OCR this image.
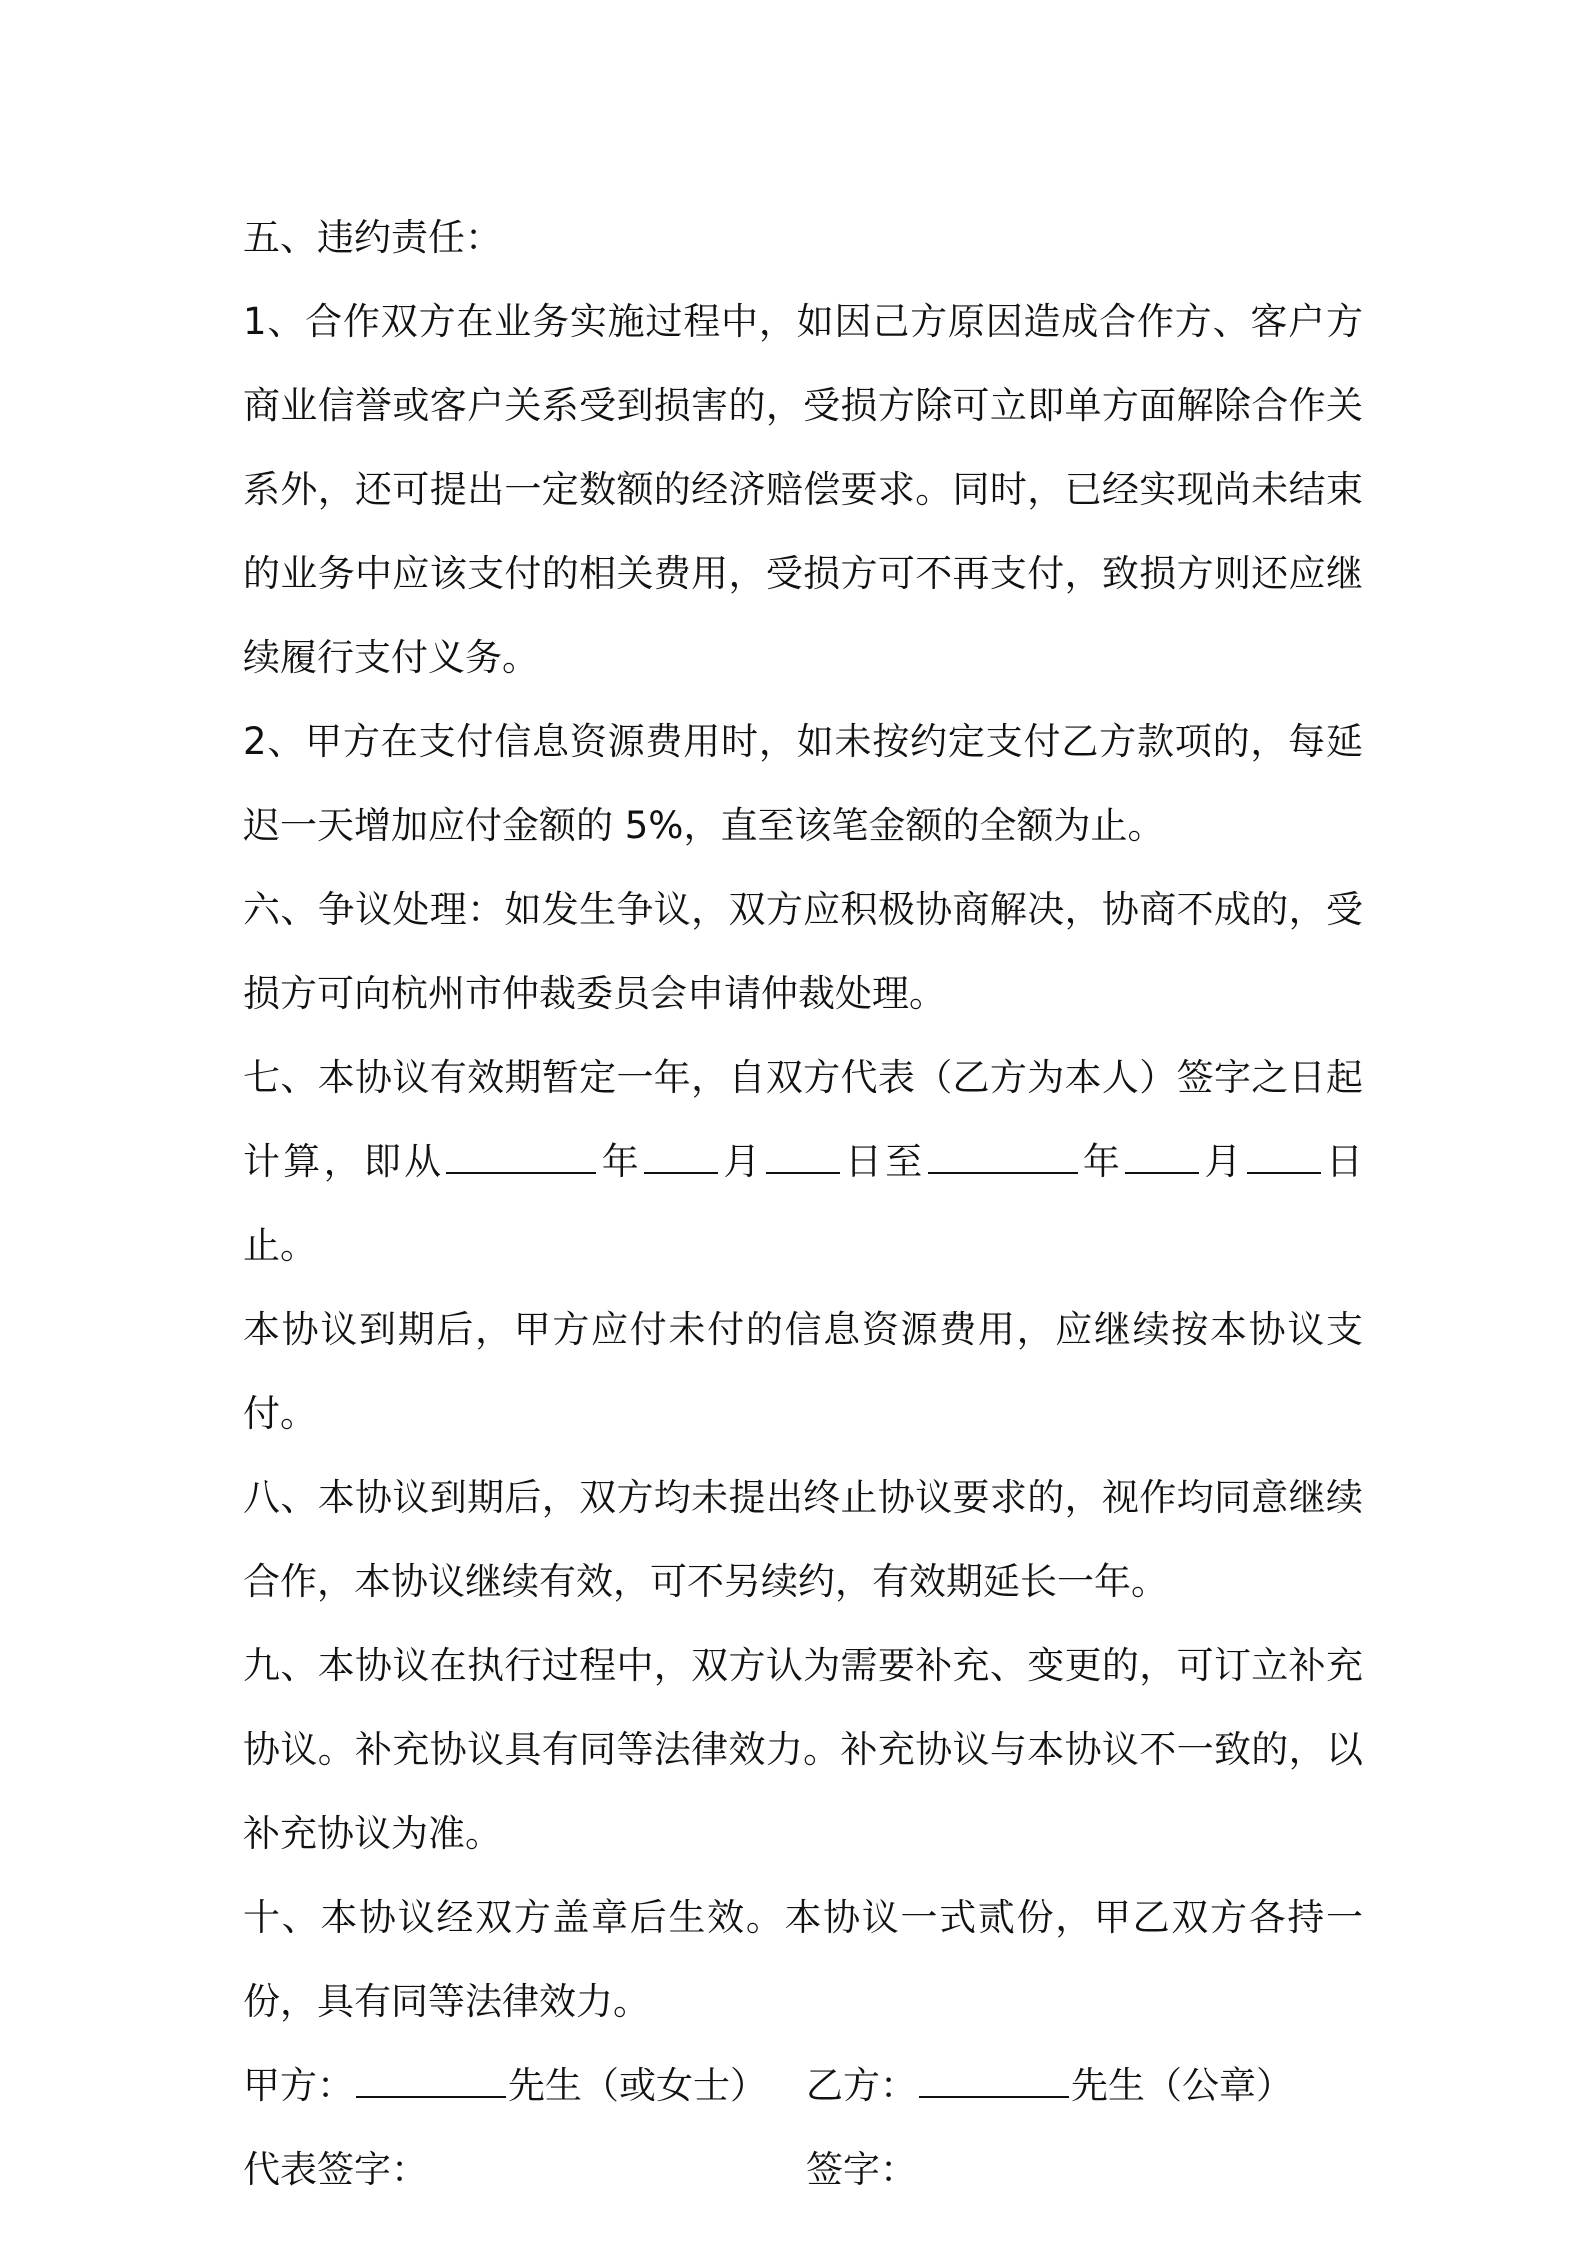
五、违约责任：

1、合作双方在业务实施过程中，如因己方原因造成合作方、客户方商业信誉或客户关系受到损害的，受损方除可立即单方面解除合作关系外，还可提出一定数额的经济赔偿要求。同时，已经实现尚未结束的业务中应该支付的相关费用，受损方可不再支付，致损方则还应继续履行支付义务。

2、甲方在支付信息资源费用时，如未按约定支付乙方款项的，每延迟一天增加应付金额的 5%，直至该笔金额的全额为止。

六、争议处理：如发生争议，双方应积极协商解决，协商不成的，受损方可向杭州市仲裁委员会申请仲裁处理。

七、本协议有效期暂定一年，自双方代表（乙方为本人）签字之日起计算，即从	年 月 日至	年 月 日止。

本协议到期后，甲方应付未付的信息资源费用，应继续按本协议支付。

八、本协议到期后，双方均未提出终止协议要求的，视作均同意继续合作，本协议继续有效，可不另续约，有效期延长一年。

九、本协议在执行过程中，双方认为需要补充、变更的，可订立补充协议。补充协议具有同等法律效力。补充协议与本协议不一致的，以补充协议为准。

十、本协议经双方盖章后生效。本协议一式贰份，甲乙双方各持一份，具有同等法律效力。

甲方：	先生（或女士）	乙方：	先生（公章）
代表签字：	签字：
